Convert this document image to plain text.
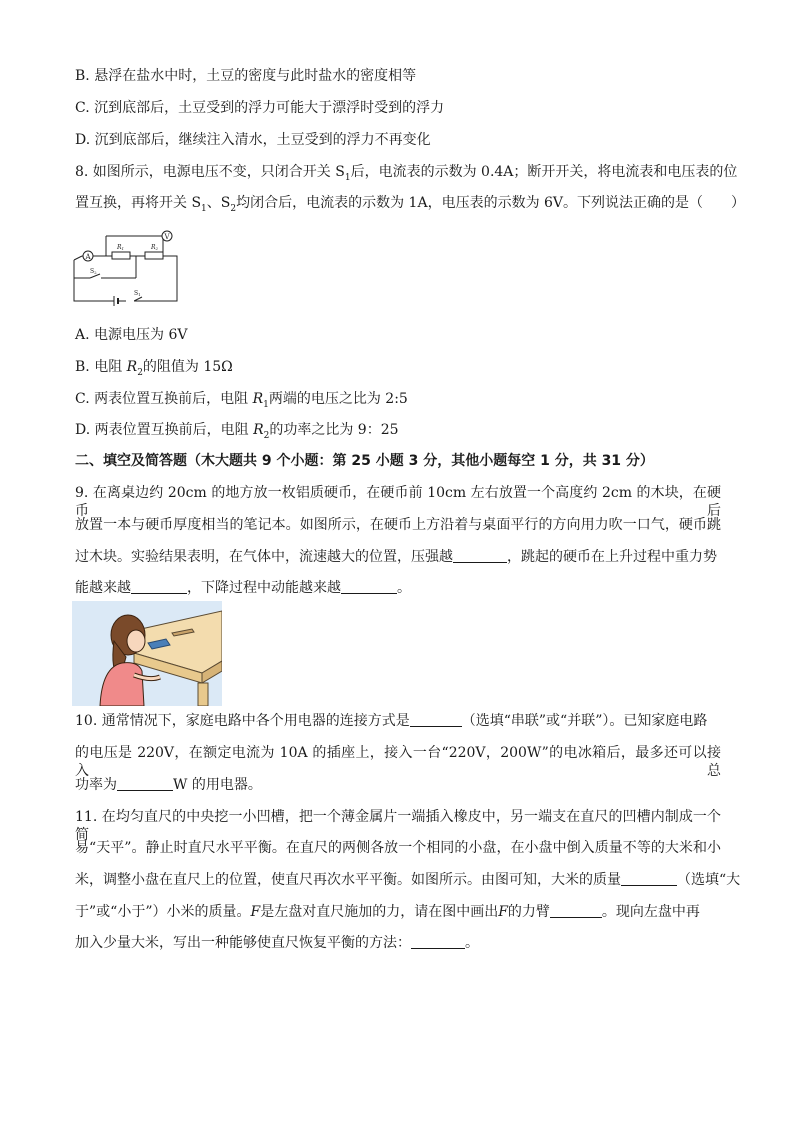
B. 悬浮在盐水中时，土豆的密度与此时盐水的密度相等
C. 沉到底部后，土豆受到的浮力可能大于漂浮时受到的浮力
D. 沉到底部后，继续注入清水，土豆受到的浮力不再变化
8. 如图所示，电源电压不变，只闭合开关 $S_1$后，电流表的示数为 0.4A；断开开关，将电流表和电压表的位
置互换，再将开关 $S_1$、$S_2$均闭合后，电流表的示数为 1A，电压表的示数为 6V。下列说法正确的是（　　）
A
V
R1	R2
S2
S1
A. 电源电压为 6V
B. 电阻 $R_2$的阻值为 15Ω
C. 两表位置互换前后，电阻 $R_1$两端的电压之比为 2:5
D. 两表位置互换前后，电阻 $R_2$的功率之比为 9：25
二、填空及简答题（木大题共 9 个小题：第 25 小题 3 分，其他小题每空 1 分，共 31 分）
9. 在离桌边约 20cm 的地方放一枚铝质硬币，在硬币前 10cm 左右放置一个高度约 2cm 的木块，在硬币后
放置一本与硬币厚度相当的笔记本。如图所示，在硬币上方沿着与桌面平行的方向用力吹一口气，硬币跳
过木块。实验结果表明，在气体中，流速越大的位置，压强越	，跳起的硬币在上升过程中重力势
能越来越	，下降过程中动能越来越	。
10. 通常情况下，家庭电路中各个用电器的连接方式是	（选填“串联”或“并联”）。已知家庭电路
的电压是 220V，在额定电流为 10A 的插座上，接入一台“220V，200W”的电冰箱后，最多还可以接入总
功率为	W 的用电器。
11. 在均匀直尺的中央挖一小凹槽，把一个薄金属片一端插入橡皮中，另一端支在直尺的凹槽内制成一个简
易“天平”。静止时直尺水平平衡。在直尺的两侧各放一个相同的小盘，在小盘中倒入质量不等的大米和小
米，调整小盘在直尺上的位置，使直尺再次水平平衡。如图所示。由图可知，大米的质量	（选填“大
于”或“小于”）小米的质量。F是左盘对直尺施加的力，请在图中画出F的力臂	。现向左盘中再
加入少量大米，写出一种能够使直尺恢复平衡的方法：	。
